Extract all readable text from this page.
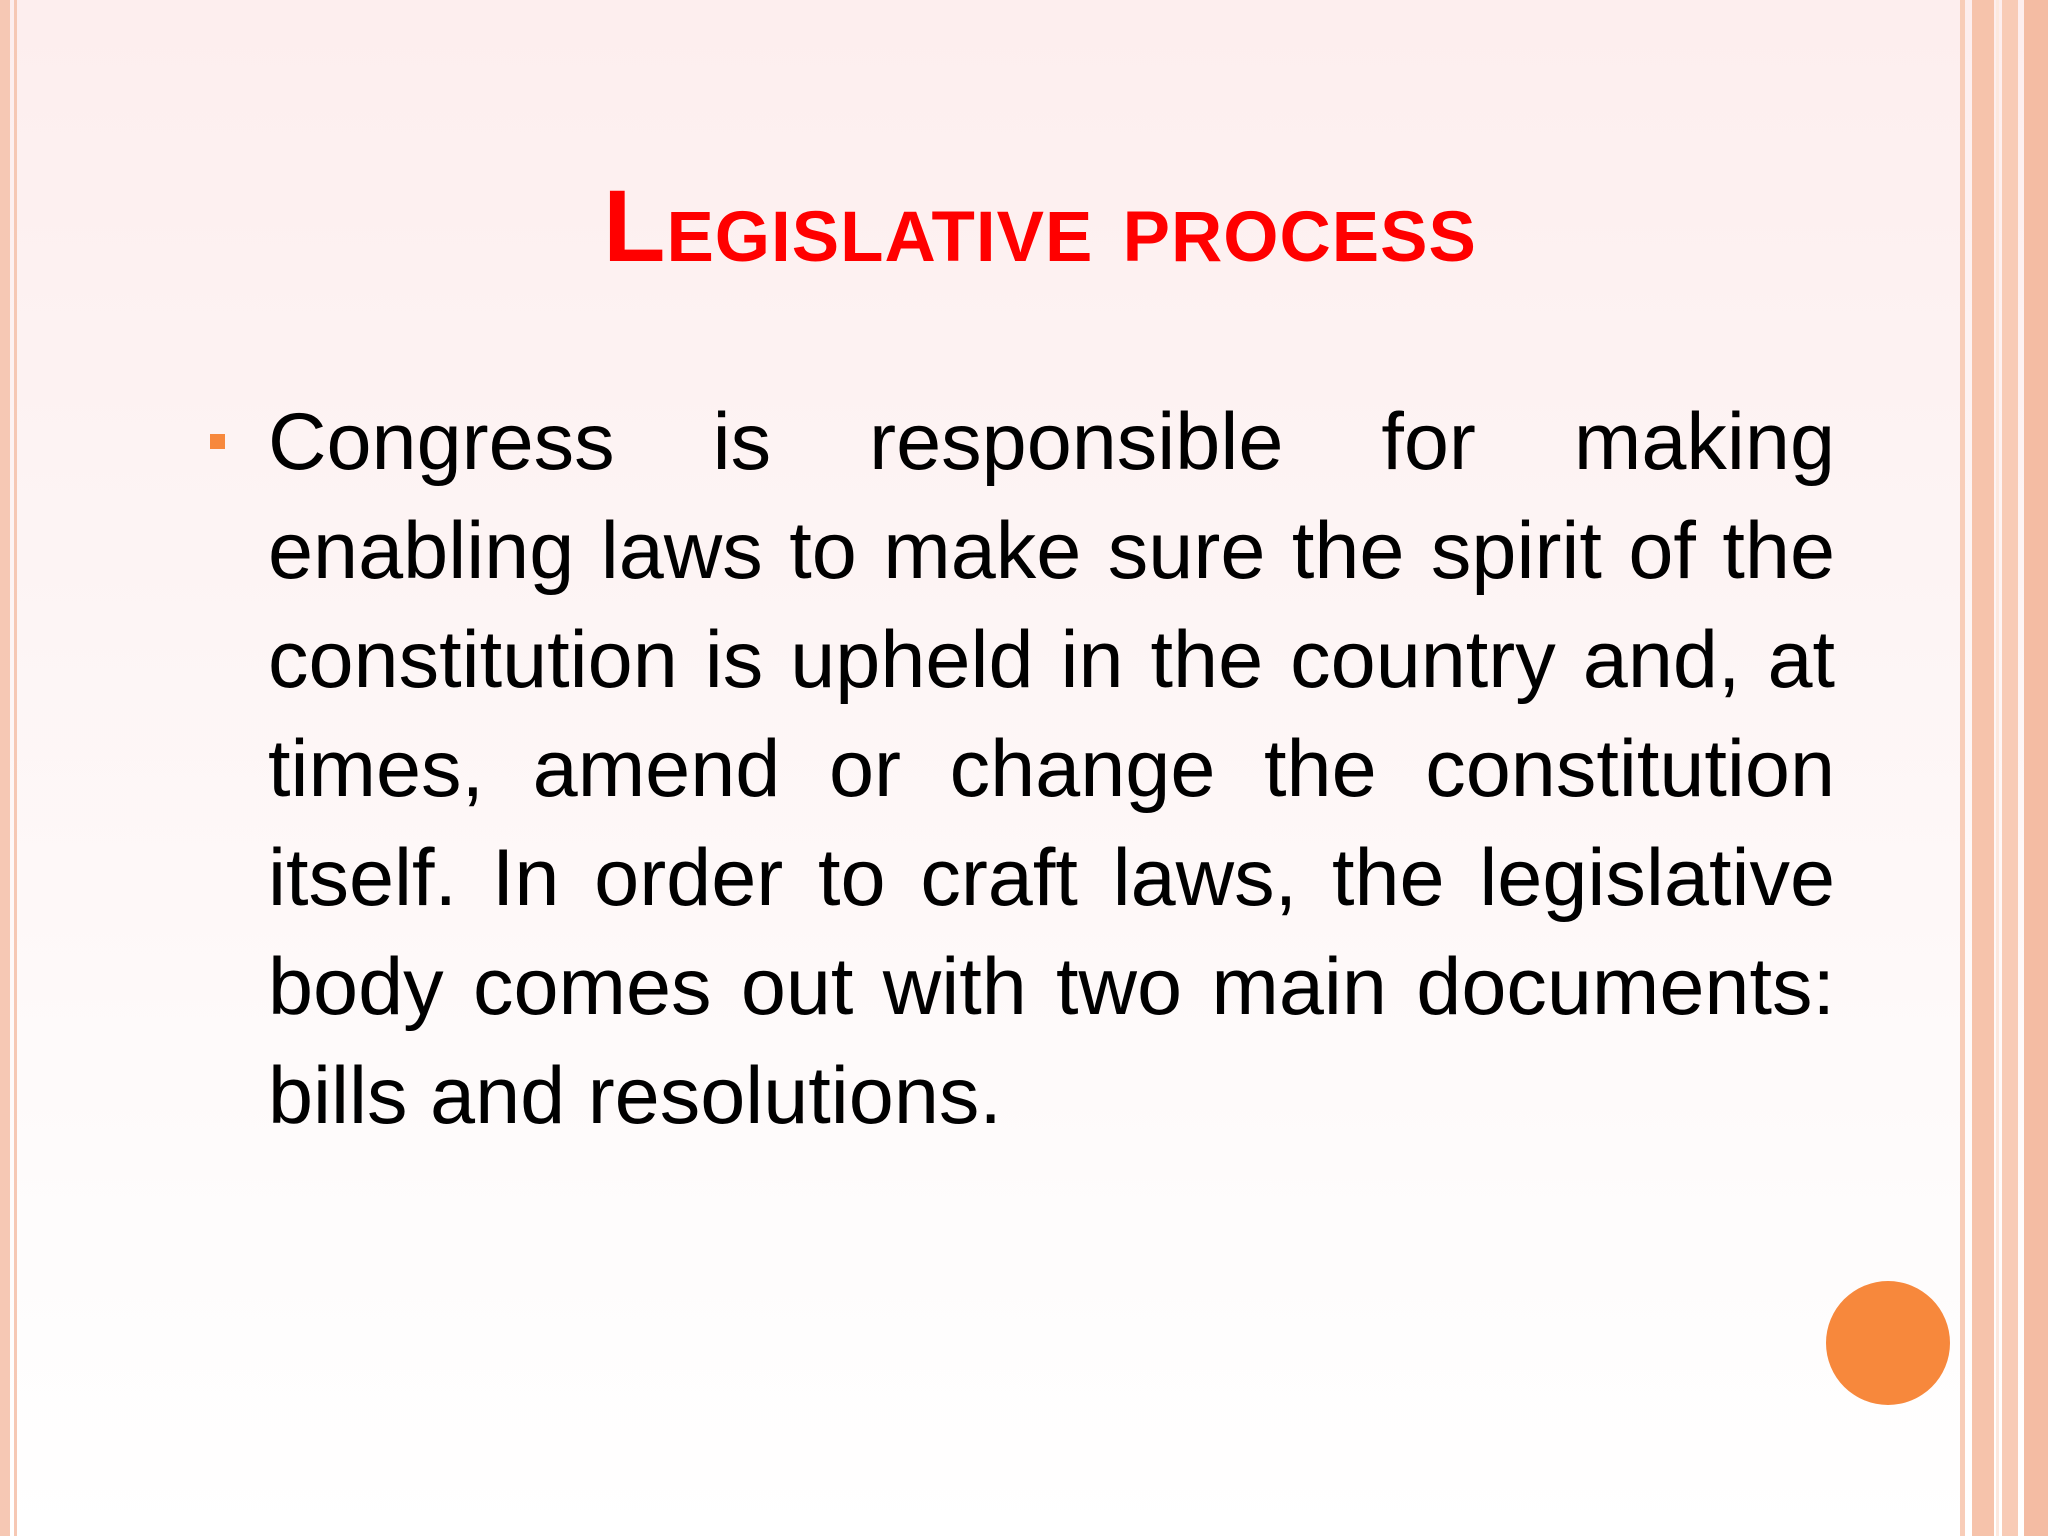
Legislative process
Congress is responsible for making enabling laws to make sure the spirit of the constitution is upheld in the country and, at times, amend or change the constitution itself. In order to craft laws, the legislative body comes out with two main documents: bills and resolutions.
